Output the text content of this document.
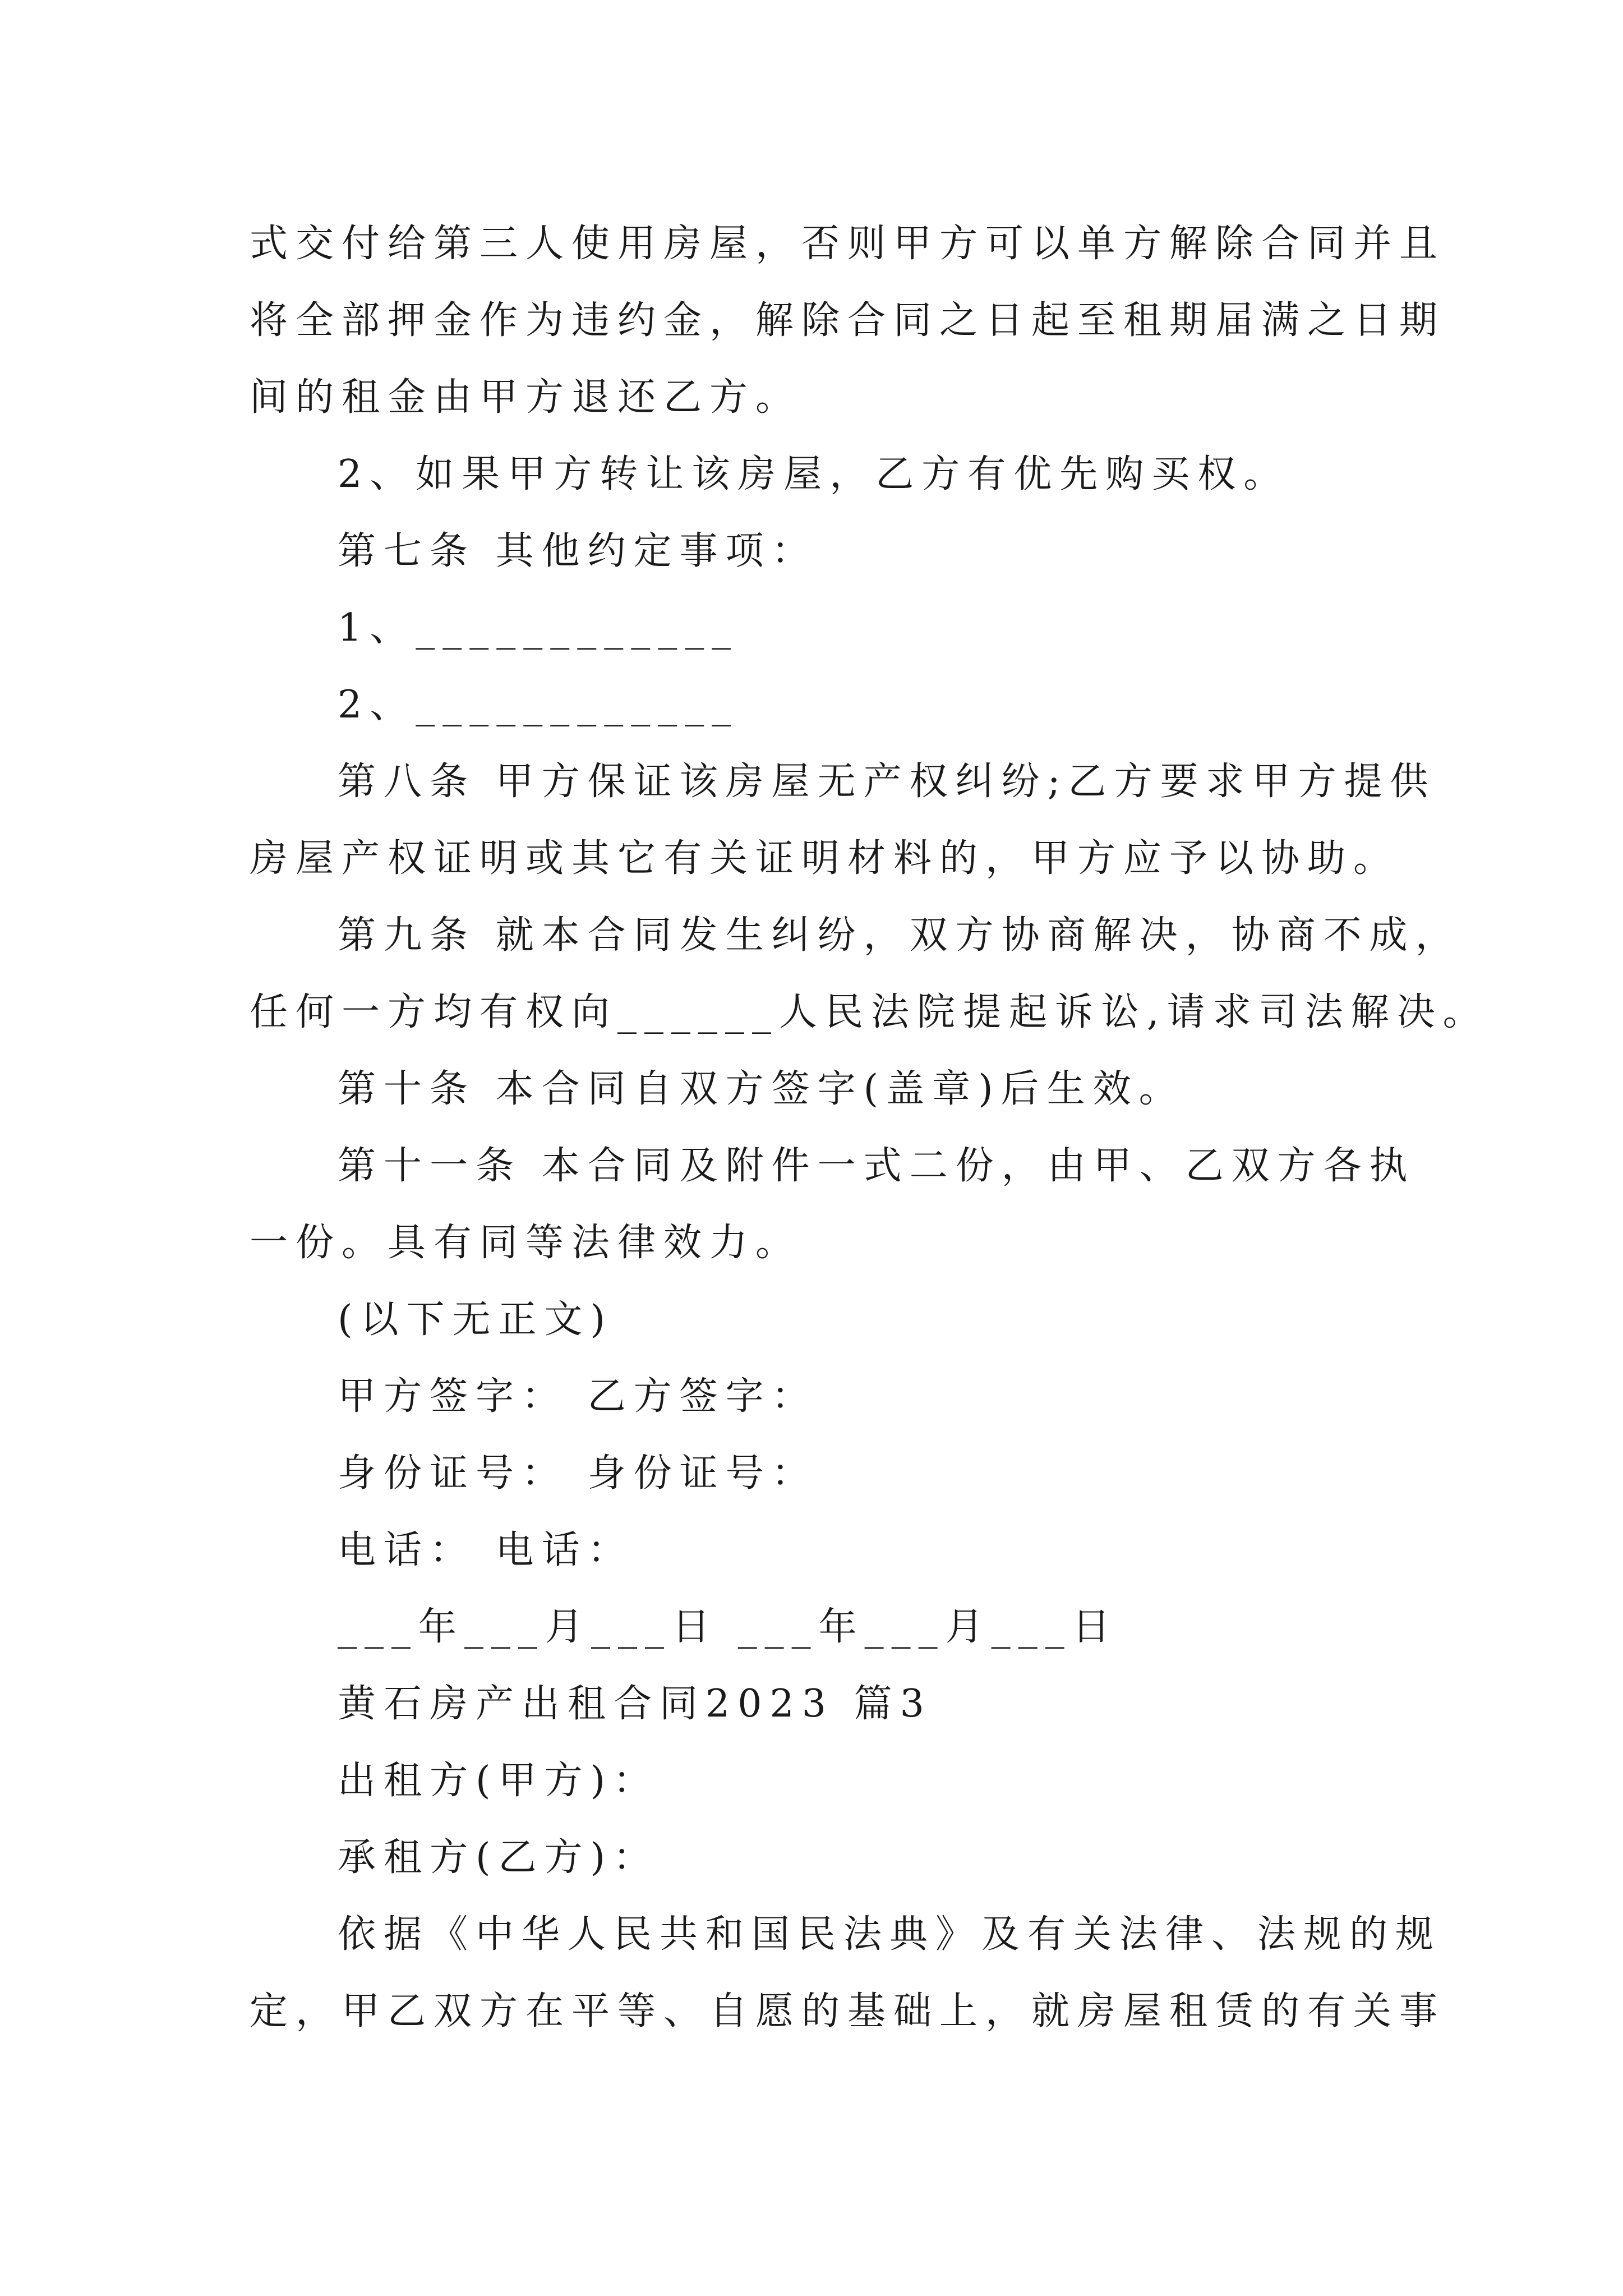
式交付给第三人使用房屋，否则甲方可以单方解除合同并且
将全部押金作为违约金，解除合同之日起至租期届满之日期
间的租金由甲方退还乙方。
2、如果甲方转让该房屋，乙方有优先购买权。
第七条 其他约定事项：
1、____________
2、____________
第八条 甲方保证该房屋无产权纠纷;乙方要求甲方提供
房屋产权证明或其它有关证明材料的，甲方应予以协助。
第九条 就本合同发生纠纷，双方协商解决，协商不成，
任何一方均有权向______人民法院提起诉讼,请求司法解决。
第十条 本合同自双方签字(盖章)后生效。
第十一条 本合同及附件一式二份，由甲、乙双方各执
一份。具有同等法律效力。
(以下无正文)
甲方签字： 乙方签字：
身份证号： 身份证号：
电话： 电话：
___年___月___日 ___年___月___日
黄石房产出租合同2023 篇3
出租方(甲方)：
承租方(乙方)：
依据《中华人民共和国民法典》及有关法律、法规的规
定，甲乙双方在平等、自愿的基础上，就房屋租赁的有关事
